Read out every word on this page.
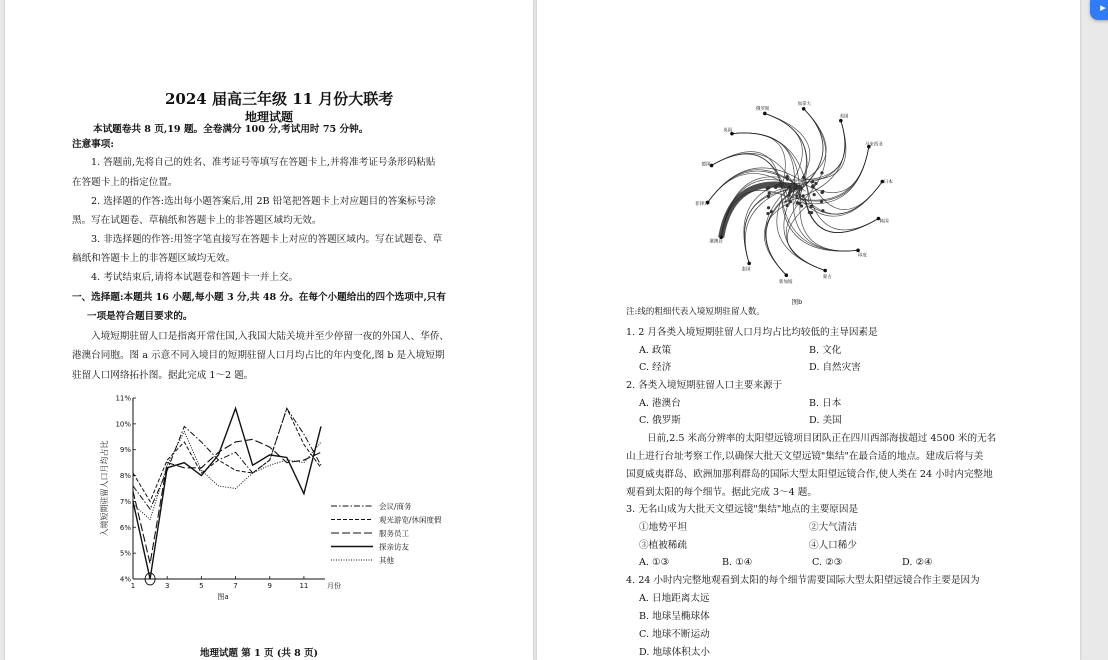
2024 届高三年级 11 月份大联考
地理试题
本试题卷共 8 页,19 题。全卷满分 100 分,考试用时 75 分钟。
注意事项:
1. 答题前,先将自己的姓名、准考证号等填写在答题卡上,并将准考证号条形码粘贴
在答题卡上的指定位置。
2. 选择题的作答:选出每小题答案后,用 2B 铅笔把答题卡上对应题目的答案标号涂
黑。写在试题卷、草稿纸和答题卡上的非答题区域均无效。
3. 非选择题的作答:用签字笔直接写在答题卡上对应的答题区域内。写在试题卷、草
稿纸和答题卡上的非答题区域均无效。
4. 考试结束后,请将本试题卷和答题卡一并上交。
一、选择题:本题共 16 小题,每小题 3 分,共 48 分。在每个小题给出的四个选项中,只有
一项是符合题目要求的。
入境短期驻留人口是指离开常住国,入我国大陆关境并至少停留一夜的外国人、华侨、
港澳台同胞。图 a 示意不同入境目的短期驻留人口月均占比的年内变化,图 b 是入境短期
驻留人口网络拓扑图。据此完成 1～2 题。
4%
5%
6%
7%
8%
9%
10%
11%
1	3	5	7	9	11	月份
图a
入境短期驻留人口月均占比	会议/商务
观光游览/休闲度假
服务员工
探亲访友
其他
地理试题 第 1 页 (共 8 页)
俄罗斯
加拿大
美国
马来西亚
日本
韩国
印度
蒙古
新加坡
泰国
港澳台
菲律宾
德国
英国
图b
注:线的粗细代表入境短期驻留人数。
1. 2 月各类入境短期驻留人口月均占比均较低的主导因素是
A. 政策	B. 文化
C. 经济	D. 自然灾害
2. 各类入境短期驻留人口主要来源于
A. 港澳台	B. 日本
C. 俄罗斯	D. 美国
日前,2.5 米高分辨率的太阳望远镜项目团队正在四川西部海拔超过 4500 米的无名
山上进行台址考察工作,以确保大批天文望远镜"集结"在最合适的地点。建成后将与美
国夏威夷群岛、欧洲加那利群岛的国际大型太阳望远镜合作,使人类在 24 小时内完整地
观看到太阳的每个细节。据此完成 3～4 题。
3. 无名山成为大批天文望远镜"集结"地点的主要原因是
①地势平坦	②大气清洁
③植被稀疏	④人口稀少
A. ①③	B. ①④	C. ②③	D. ②④
4. 24 小时内完整地观看到太阳的每个细节需要国际大型太阳望远镜合作主要是因为
A. 日地距离太远
B. 地球呈椭球体
C. 地球不断运动
D. 地球体积太小
▸
